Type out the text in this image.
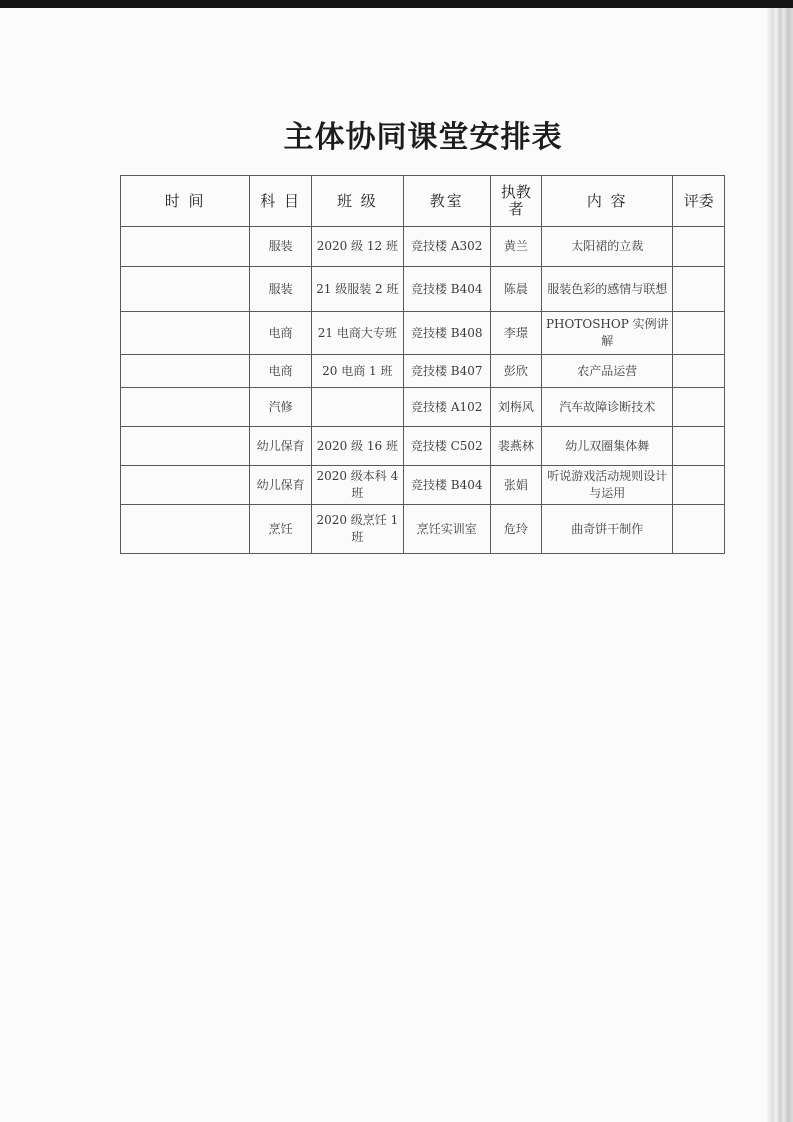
主体协同课堂安排表
时 间	科 目	班 级	教室	执教者	内 容	评委
	服装	2020 级 12 班	竞技楼 A302	黄兰	太阳裙的立裁	
	服装	21 级服装 2 班	竞技楼 B404	陈晨	服装色彩的感情与联想	
	电商	21 电商大专班	竞技楼 B408	李璟	PHOTOSHOP 实例讲解	
	电商	20 电商 1 班	竞技楼 B407	彭欣	农产品运营	
	汽修		竞技楼 A102	刘栴风	汽车故障诊断技术	
	幼儿保育	2020 级 16 班	竞技楼 C502	裴燕林	幼儿双圈集体舞	
	幼儿保育	2020 级本科 4 班	竞技楼 B404	张娟	听说游戏活动规则设计与运用	
	烹饪	2020 级烹饪 1 班	烹饪实训室	危玲	曲奇饼干制作	
